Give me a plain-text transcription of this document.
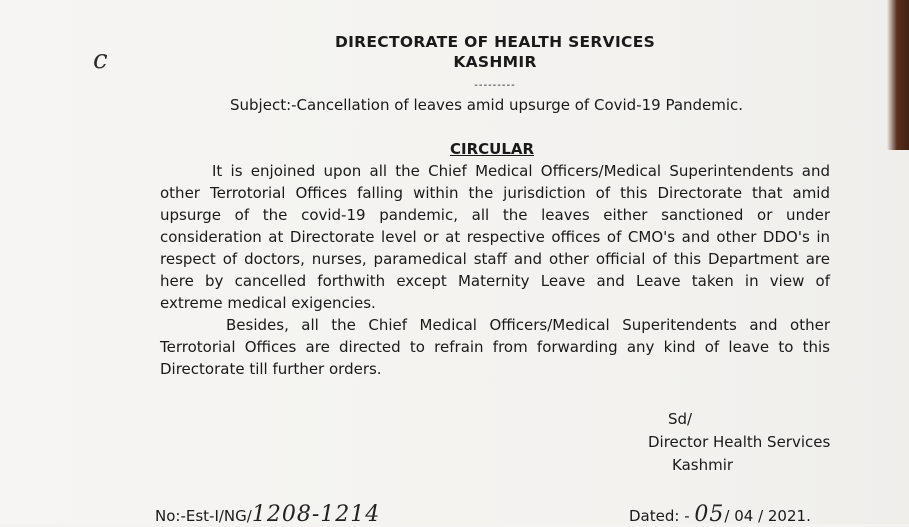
c
DIRECTORATE OF HEALTH SERVICES
KASHMIR
---------
Subject:-Cancellation of leaves amid upsurge of Covid-19 Pandemic.
CIRCULAR
It is enjoined upon all the Chief Medical Officers/Medical Superintendents and
other Terrotorial Offices falling within the jurisdiction of this Directorate that amid
upsurge of the covid-19 pandemic, all the leaves either sanctioned or under
consideration at Directorate level or at respective offices of CMO's and other DDO's in
respect of doctors, nurses, paramedical staff and other official of this Department are
here by cancelled forthwith except Maternity Leave and Leave taken in view of
extreme medical exigencies.
Besides, all the Chief Medical Officers/Medical Superitendents and other
Terrotorial Offices are directed to refrain from forwarding any kind of leave to this
Directorate till further orders.
Sd/
Director Health Services
Kashmir
No:-Est-I/NG/1208-1214	Dated: - 05/ 04 / 2021.
